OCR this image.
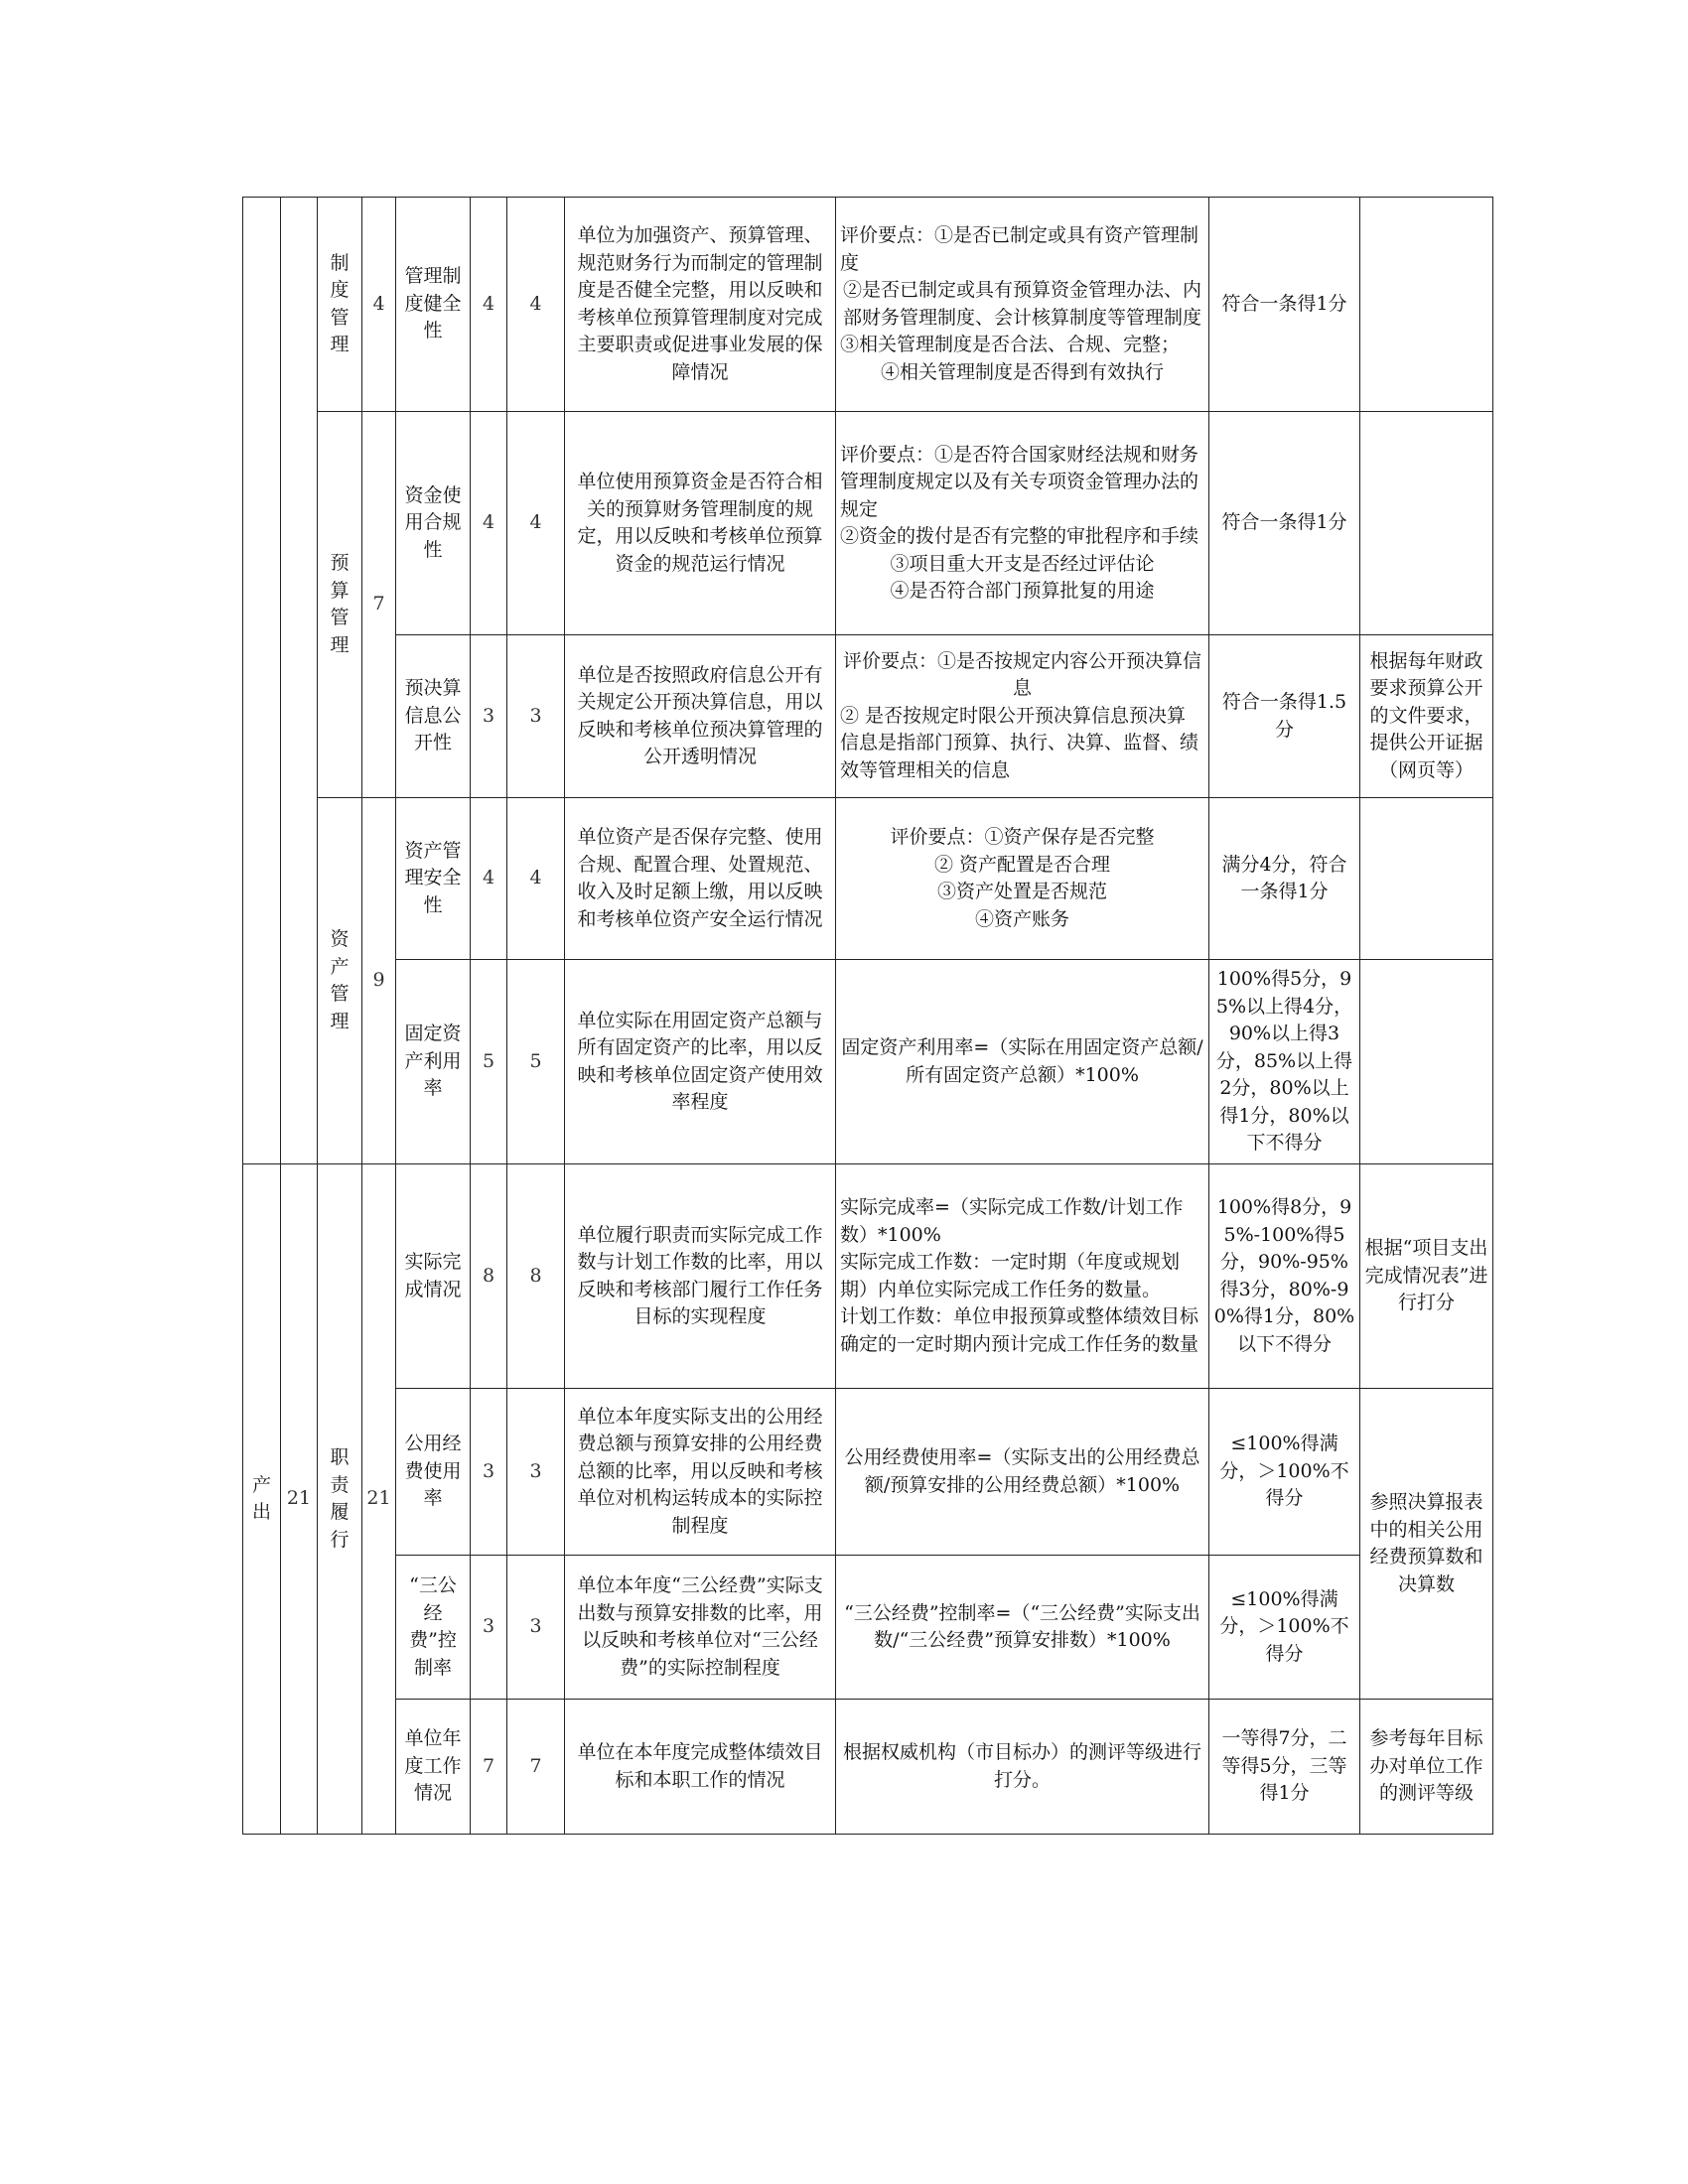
		制度管理	4	管理制度健全性	4	4	单位为加强资产、预算管理、规范财务行为而制定的管理制度是否健全完整，用以反映和考核单位预算管理制度对完成主要职责或促进事业发展的保障情况	评价要点：①是否已制定或具有资产管理制度
②是否已制定或具有预算资金管理办法、内部财务管理制度、会计核算制度等管理制度
③相关管理制度是否合法、合规、完整；
④相关管理制度是否得到有效执行	符合一条得1分	
		预算管理	7	资金使用合规性	4	4	单位使用预算资金是否符合相关的预算财务管理制度的规定，用以反映和考核单位预算资金的规范运行情况	评价要点：①是否符合国家财经法规和财务管理制度规定以及有关专项资金管理办法的规定
②资金的拨付是否有完整的审批程序和手续
③项目重大开支是否经过评估论
④是否符合部门预算批复的用途	符合一条得1分	
				预决算信息公开性	3	3	单位是否按照政府信息公开有关规定公开预决算信息，用以反映和考核单位预决算管理的公开透明情况	评价要点：①是否按规定内容公开预决算信息
② 是否按规定时限公开预决算信息预决算信息是指部门预算、执行、决算、监督、绩效等管理相关的信息	符合一条得1.5分	根据每年财政要求预算公开的文件要求，提供公开证据（网页等）
		资产管理	9	资产管理安全性	4	4	单位资产是否保存完整、使用合规、配置合理、处置规范、收入及时足额上缴，用以反映和考核单位资产安全运行情况	评价要点：①资产保存是否完整
② 资产配置是否合理
③资产处置是否规范
④资产账务	满分4分，符合一条得1分	
				固定资产利用率	5	5	单位实际在用固定资产总额与所有固定资产的比率，用以反映和考核单位固定资产使用效率程度	固定资产利用率=（实际在用固定资产总额/所有固定资产总额）*100%	100%得5分，95%以上得4分，90%以上得3分，85%以上得2分，80%以上得1分，80%以下不得分	
产出	21	职责履行	21	实际完成情况	8	8	单位履行职责而实际完成工作数与计划工作数的比率，用以反映和考核部门履行工作任务目标的实现程度	实际完成率=（实际完成工作数/计划工作数）*100%
实际完成工作数：一定时期（年度或规划期）内单位实际完成工作任务的数量。
计划工作数：单位申报预算或整体绩效目标确定的一定时期内预计完成工作任务的数量	100%得8分，95%-100%得5分，90%-95%得3分，80%-90%得1分，80%以下不得分	根据“项目支出完成情况表”进行打分
				公用经费使用率	3	3	单位本年度实际支出的公用经费总额与预算安排的公用经费总额的比率，用以反映和考核单位对机构运转成本的实际控制程度	公用经费使用率=（实际支出的公用经费总额/预算安排的公用经费总额）*100%	≤100%得满分，＞100%不得分	参照决算报表中的相关公用经费预算数和决算数
				“三公经费”控制率	3	3	单位本年度“三公经费”实际支出数与预算安排数的比率，用以反映和考核单位对“三公经费”的实际控制程度	“三公经费”控制率=（“三公经费”实际支出数/“三公经费”预算安排数）*100%	≤100%得满分，＞100%不得分	
				单位年度工作情况	7	7	单位在本年度完成整体绩效目标和本职工作的情况	根据权威机构（市目标办）的测评等级进行打分。	一等得7分，二等得5分，三等得1分	参考每年目标办对单位工作的测评等级
